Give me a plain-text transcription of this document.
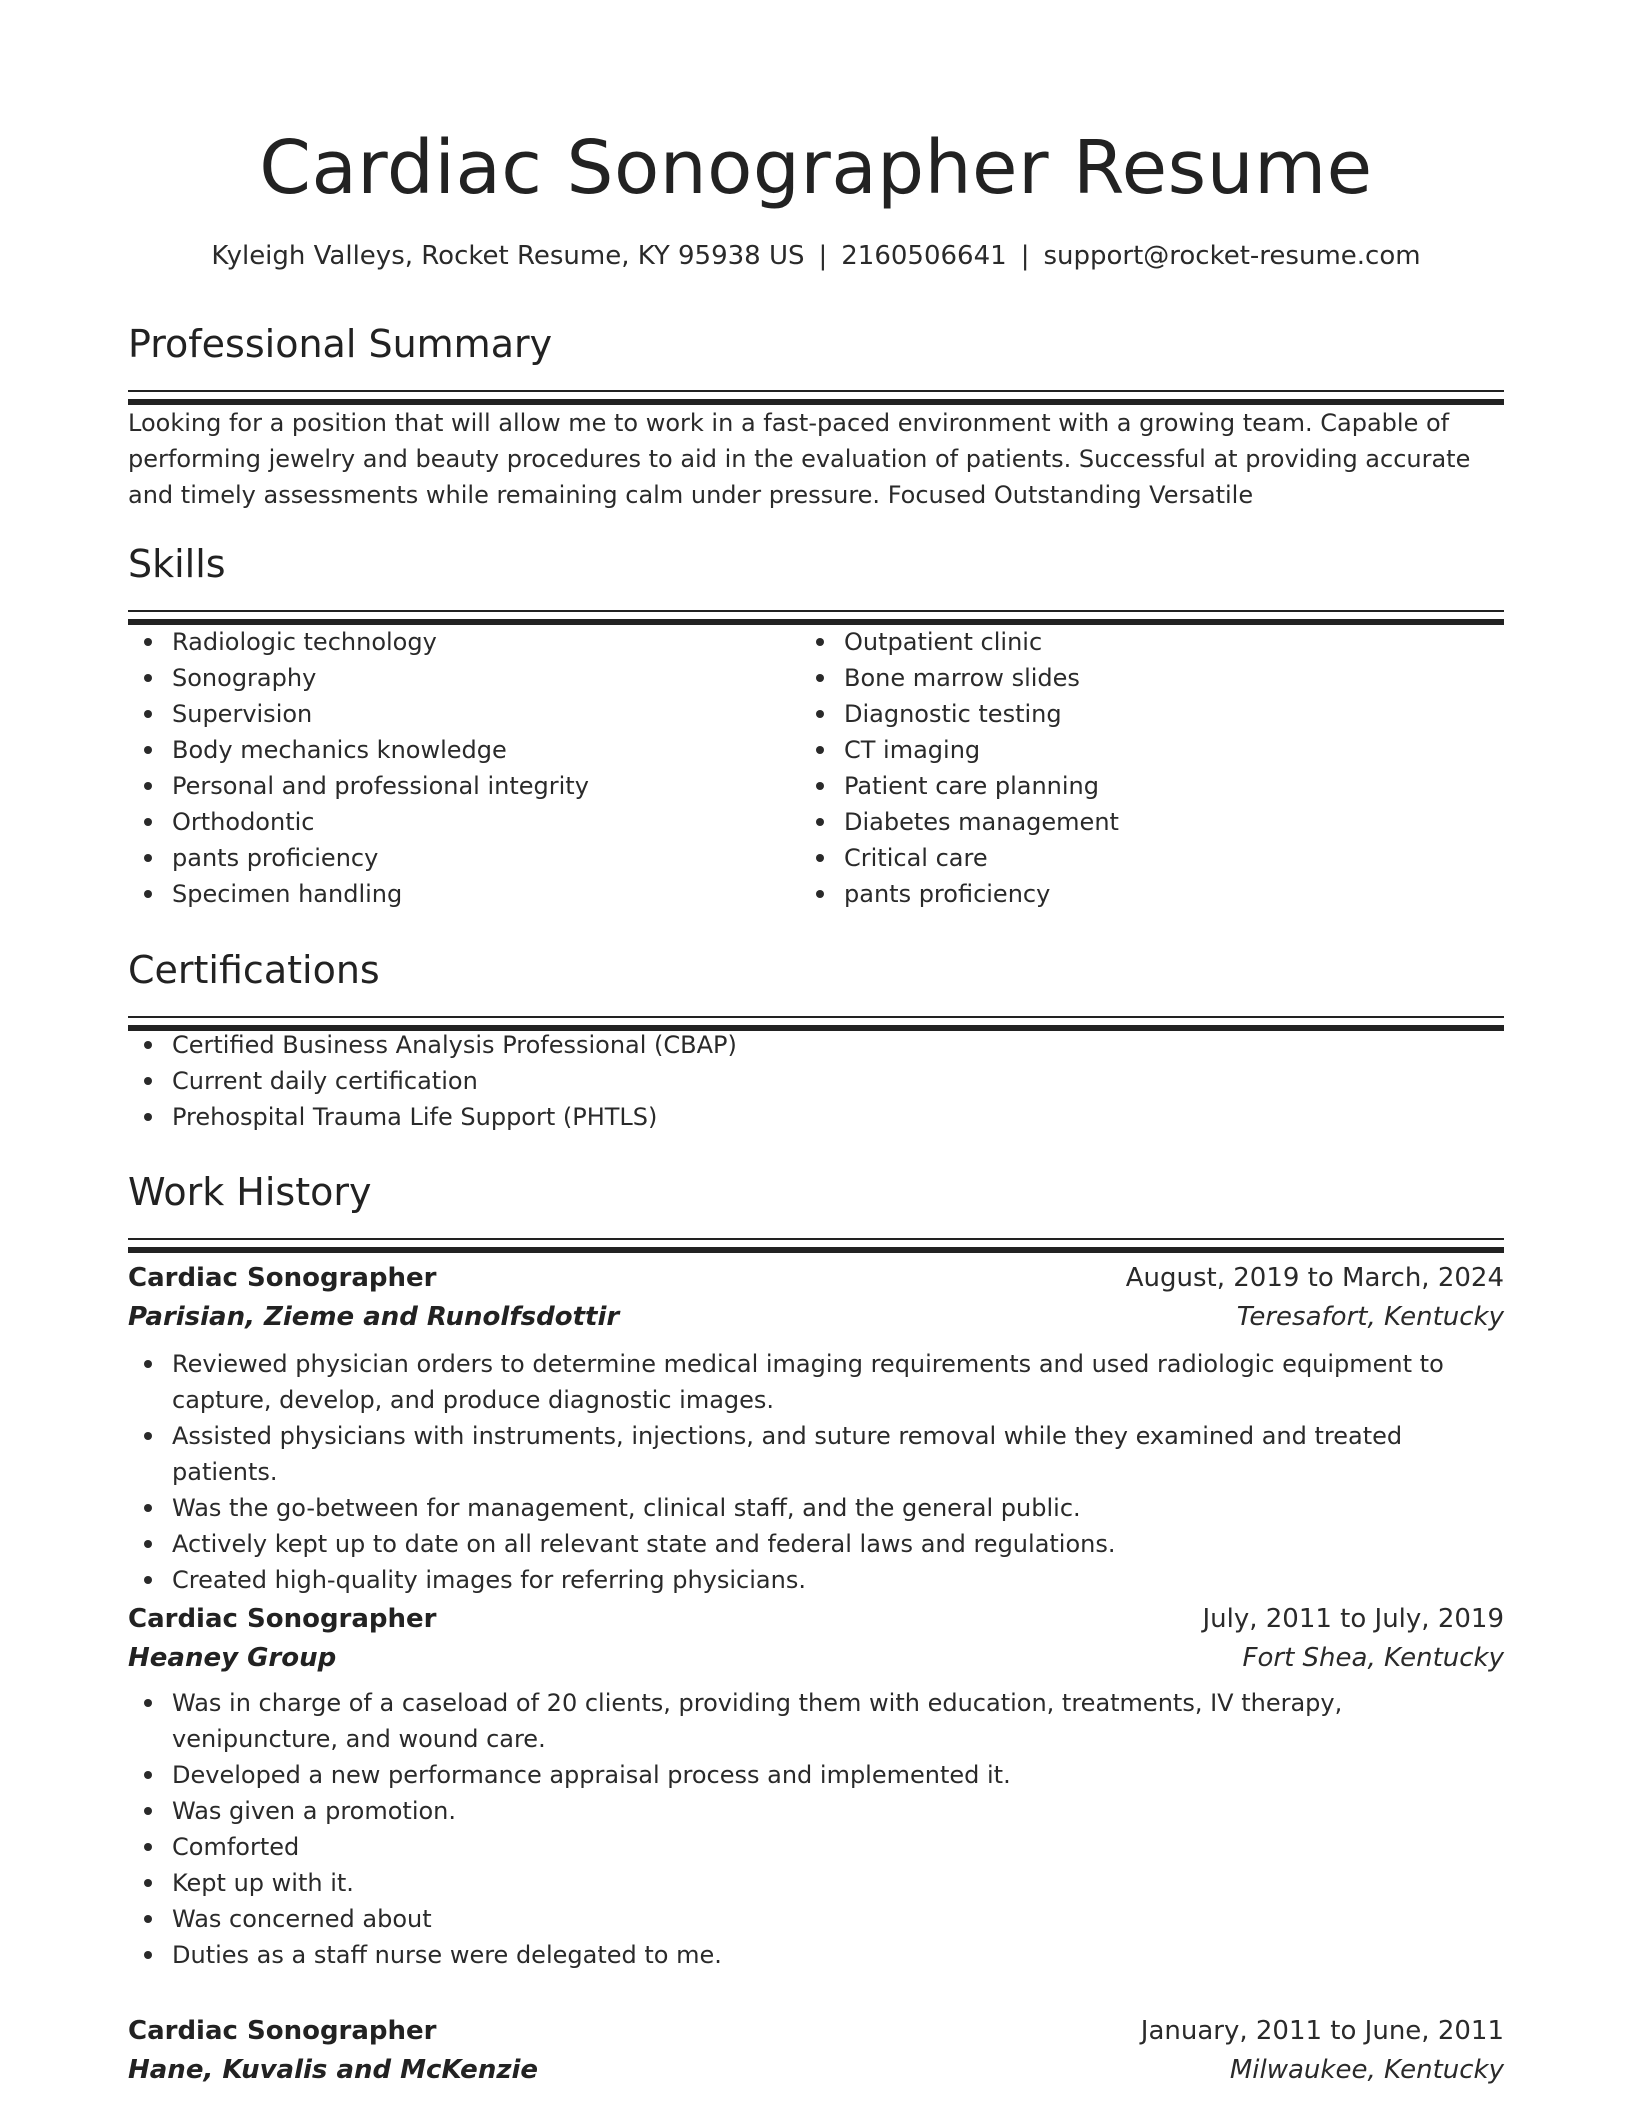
Cardiac Sonographer Resume
Kyleigh Valleys, Rocket Resume, KY 95938 US | 2160506641 | support@rocket-resume.com
Professional Summary

Looking for a position that will allow me to work in a fast-paced environment with a growing team. Capable of performing jewelry and beauty procedures to aid in the evaluation of patients. Successful at providing accurate and timely assessments while remaining calm under pressure. Focused Outstanding Versatile

Skills
Radiologic technology
Sonography
Supervision
Body mechanics knowledge
Personal and professional integrity
Orthodontic
pants proficiency
Specimen handling
Outpatient clinic
Bone marrow slides
Diagnostic testing
CT imaging
Patient care planning
Diabetes management
Critical care
pants proficiency
Certifications
Certified Business Analysis Professional (CBAP)
Current daily certification
Prehospital Trauma Life Support (PHTLS)
Work History
Cardiac Sonographer	August, 2019 to March, 2024
Parisian, Zieme and Runolfsdottir	Teresafort, Kentucky
Reviewed physician orders to determine medical imaging requirements and used radiologic equipment to capture, develop, and produce diagnostic images.
Assisted physicians with instruments, injections, and suture removal while they examined and treated patients.
Was the go-between for management, clinical staff, and the general public.
Actively kept up to date on all relevant state and federal laws and regulations.
Created high-quality images for referring physicians.
Cardiac Sonographer	July, 2011 to July, 2019
Heaney Group	Fort Shea, Kentucky
Was in charge of a caseload of 20 clients, providing them with education, treatments, IV therapy, venipuncture, and wound care.
Developed a new performance appraisal process and implemented it.
Was given a promotion.
Comforted
Kept up with it.
Was concerned about
Duties as a staff nurse were delegated to me.
Cardiac Sonographer	January, 2011 to June, 2011
Hane, Kuvalis and McKenzie	Milwaukee, Kentucky
